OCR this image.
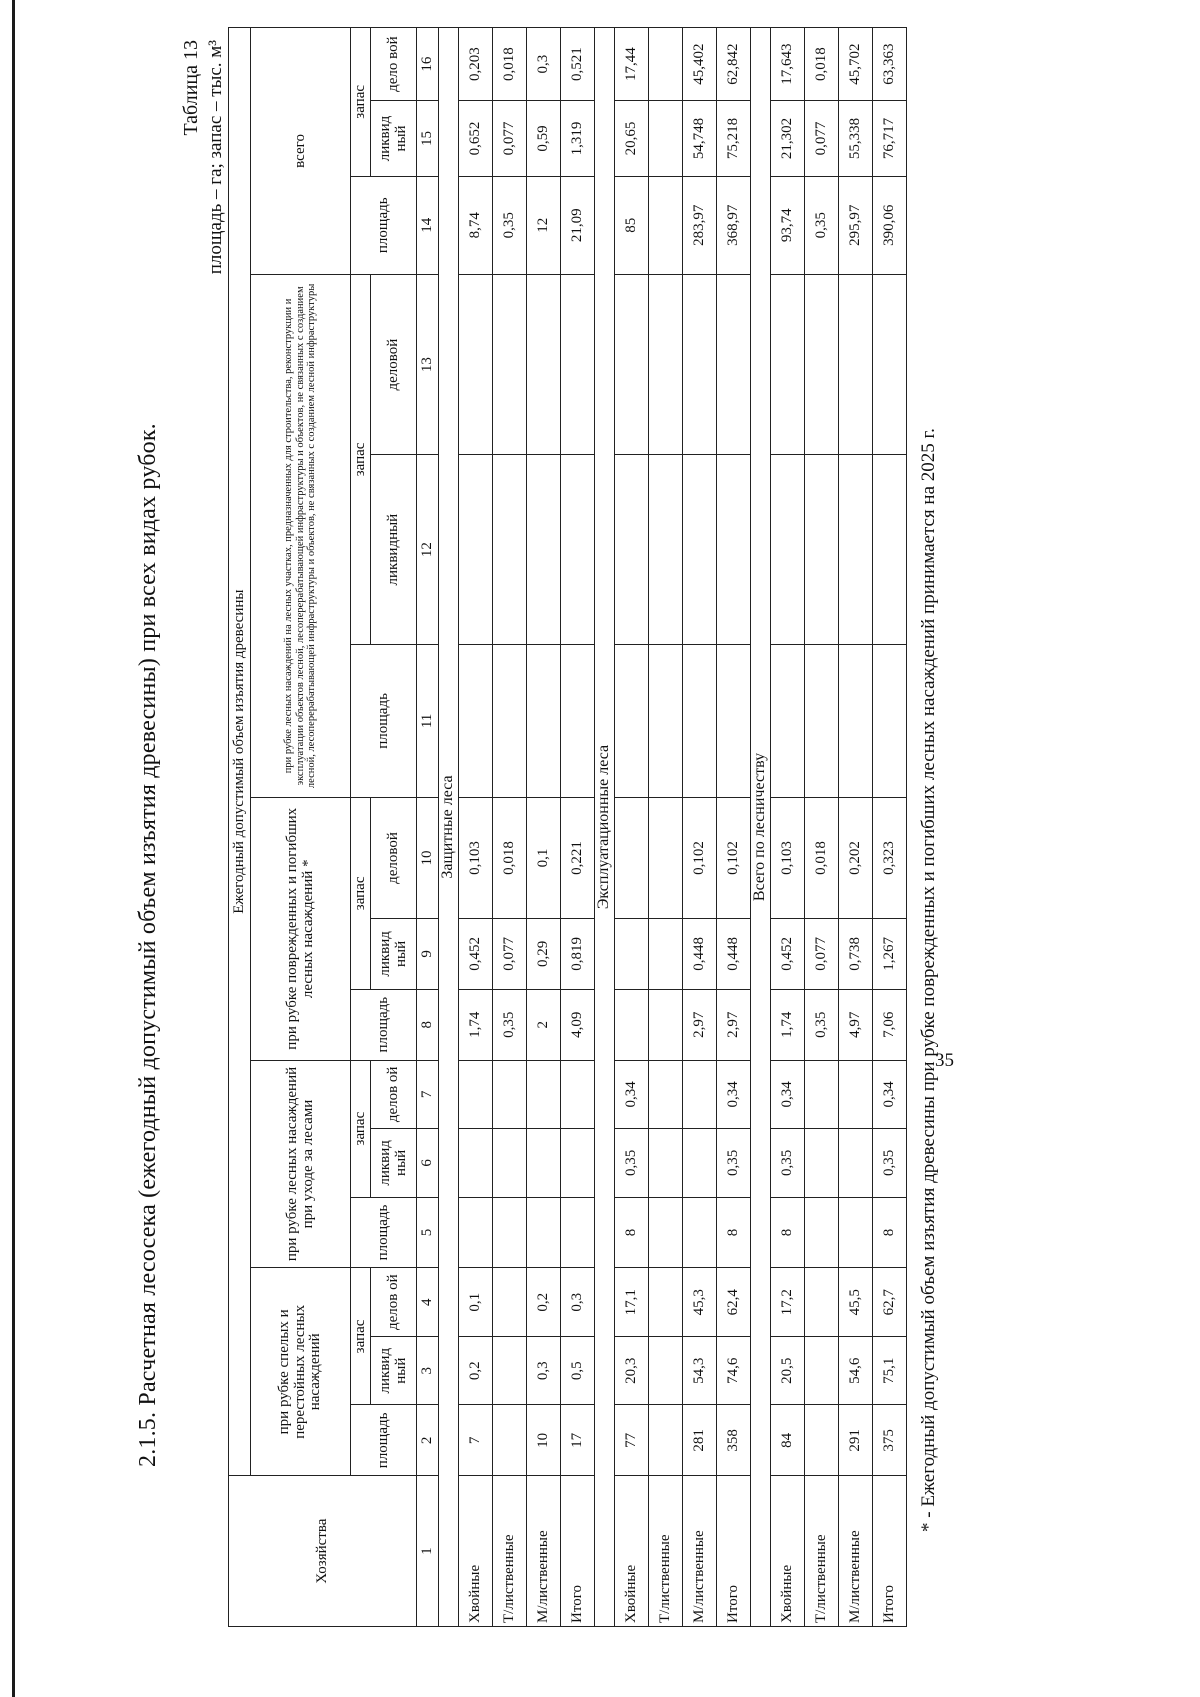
2.1.5. Расчетная лесосека (ежегодный допустимый объем изъятия древесины) при всех видах рубок.
Таблица 13 площадь – га; запас – тыс. м³
Хозяйства	Ежегодный допустимый объем изъятия древесины														
	при рубке спелых и перестойных лесных насаждений			при рубке лесных насаждений при уходе за лесами			при рубке поврежденных и погибших лесных насаждений *			при рубке лесных насаждений на лесных участках, предназначенных для строительства, реконструкции и эксплуатации объектов лесной, лесоперерабатывающей инфраструктуры и объектов, не связанных с созданием лесной, лесоперерабатывающей инфраструктуры и объектов, не связанных с созданием лесной инфраструктуры			всего		
	площадь	запас		площадь	запас		площадь	запас		площадь	запас		площадь	запас	
		ликвид ный	делов ой		ликвид ный	делов ой		ликвид ный	деловой		ликвидный	деловой		ликвид ный	дело вой
1	2	3	4	5	6	7	8	9	10	11	12	13	14	15	16
Защитные леса															
Хвойные	7	0,2	0,1				1,74	0,452	0,103				8,74	0,652	0,203
Т/лиственные							0,35	0,077	0,018				0,35	0,077	0,018
М/лиственные	10	0,3	0,2				2	0,29	0,1				12	0,59	0,3
Итого	17	0,5	0,3				4,09	0,819	0,221				21,09	1,319	0,521
Эксплуатационные леса															
Хвойные	77	20,3	17,1	8	0,35	0,34							85	20,65	17,44
Т/лиственные															
М/лиственные	281	54,3	45,3				2,97	0,448	0,102				283,97	54,748	45,402
Итого	358	74,6	62,4	8	0,35	0,34	2,97	0,448	0,102				368,97	75,218	62,842
Всего по лесничеству															
Хвойные	84	20,5	17,2	8	0,35	0,34	1,74	0,452	0,103				93,74	21,302	17,643
Т/лиственные							0,35	0,077	0,018				0,35	0,077	0,018
М/лиственные	291	54,6	45,5				4,97	0,738	0,202				295,97	55,338	45,702
Итого	375	75,1	62,7	8	0,35	0,34	7,06	1,267	0,323				390,06	76,717	63,363
* - Ежегодный допустимый объем изъятия древесины при рубке поврежденных и погибших лесных насаждений принимается на 2025 г.
35
